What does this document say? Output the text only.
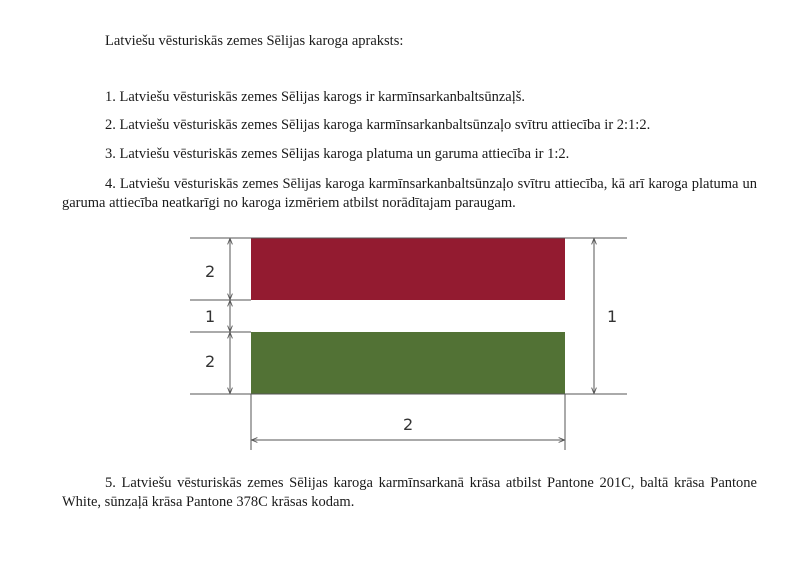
Latviešu vēsturiskās zemes Sēlijas karoga apraksts:
1. Latviešu vēsturiskās zemes Sēlijas karogs ir karmīnsarkanbaltsūnzaļš.
2. Latviešu vēsturiskās zemes Sēlijas karoga karmīnsarkanbaltsūnzaļo svītru attiecība ir 2:1:2.
3. Latviešu vēsturiskās zemes Sēlijas karoga platuma un garuma attiecība ir 1:2.
4. Latviešu vēsturiskās zemes Sēlijas karoga karmīnsarkanbaltsūnzaļo svītru attiecība, kā arī karoga platuma un garuma attiecība neatkarīgi no karoga izmēriem atbilst norādītajam paraugam.
2
1
2
1
2
5. Latviešu vēsturiskās zemes Sēlijas karoga karmīnsarkanā krāsa atbilst Pantone 201C, baltā krāsa Pantone White, sūnzaļā krāsa Pantone 378C krāsas kodam.
